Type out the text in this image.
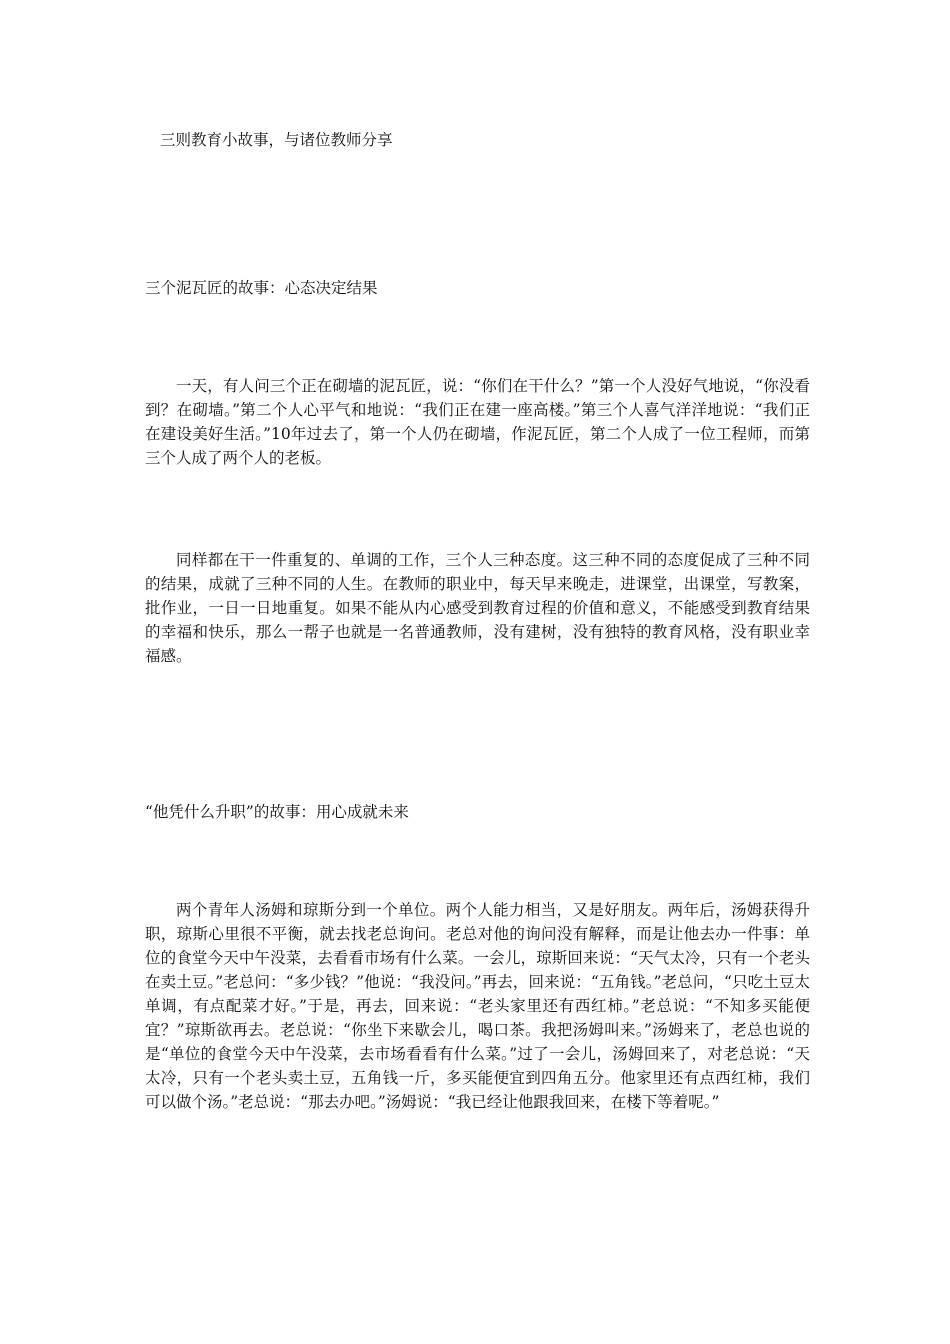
三则教育小故事，与诸位教师分享

三个泥瓦匠的故事：心态决定结果

一天，有人问三个正在砌墙的泥瓦匠，说：“你们在干什么？”第一个人没好气地说，“你没看到？在砌墙。”第二个人心平气和地说：“我们正在建一座高楼。”第三个人喜气洋洋地说：“我们正在建设美好生活。”10年过去了，第一个人仍在砌墙，作泥瓦匠，第二个人成了一位工程师，而第三个人成了两个人的老板。

同样都在干一件重复的、单调的工作，三个人三种态度。这三种不同的态度促成了三种不同的结果，成就了三种不同的人生。在教师的职业中，每天早来晚走，进课堂，出课堂，写教案，批作业，一日一日地重复。如果不能从内心感受到教育过程的价值和意义，不能感受到教育结果的幸福和快乐，那么一帮子也就是一名普通教师，没有建树，没有独特的教育风格，没有职业幸福感。

“他凭什么升职”的故事：用心成就未来

两个青年人汤姆和琼斯分到一个单位。两个人能力相当，又是好朋友。两年后，汤姆获得升职，琼斯心里很不平衡，就去找老总询问。老总对他的询问没有解释，而是让他去办一件事：单位的食堂今天中午没菜，去看看市场有什么菜。一会儿，琼斯回来说：“天气太冷，只有一个老头在卖土豆。”老总问：“多少钱？”他说：“我没问。”再去，回来说：“五角钱。”老总问，“只吃土豆太单调，有点配菜才好。”于是，再去，回来说：“老头家里还有西红柿。”老总说：“不知多买能便宜？”琼斯欲再去。老总说：“你坐下来歇会儿，喝口茶。我把汤姆叫来。”汤姆来了，老总也说的是“单位的食堂今天中午没菜，去市场看看有什么菜。”过了一会儿，汤姆回来了，对老总说：“天太冷，只有一个老头卖土豆，五角钱一斤，多买能便宜到四角五分。他家里还有点西红柿，我们可以做个汤。”老总说：“那去办吧。”汤姆说：“我已经让他跟我回来，在楼下等着呢。”
